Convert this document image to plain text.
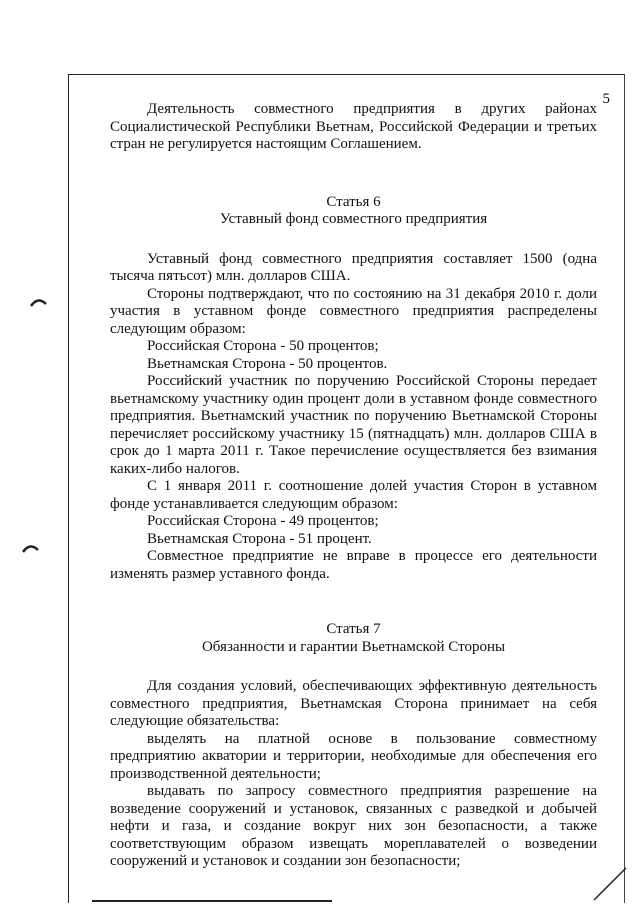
5

Деятельность совместного предприятия в других районах Социалистической Республики Вьетнам, Российской Федерации и третьих стран не регулируется настоящим Соглашением.

Статья 6

Уставный фонд совместного предприятия

Уставный фонд совместного предприятия составляет 1500 (одна тысяча пятьсот) млн. долларов США.

Стороны подтверждают, что по состоянию на 31 декабря 2010 г. доли участия в уставном фонде совместного предприятия распределены следующим образом:

Российская Сторона - 50 процентов;

Вьетнамская Сторона - 50 процентов.

Российский участник по поручению Российской Стороны передает вьетнамскому участнику один процент доли в уставном фонде совместного предприятия. Вьетнамский участник по поручению Вьетнамской Стороны перечисляет российскому участнику 15 (пятнадцать) млн. долларов США в срок до 1 марта 2011 г. Такое перечисление осуществляется без взимания каких-либо налогов.

С 1 января 2011 г. соотношение долей участия Сторон в уставном фонде устанавливается следующим образом:

Российская Сторона - 49 процентов;

Вьетнамская Сторона - 51 процент.

Совместное предприятие не вправе в процессе его деятельности изменять размер уставного фонда.

Статья 7

Обязанности и гарантии Вьетнамской Стороны

Для создания условий, обеспечивающих эффективную деятельность совместного предприятия, Вьетнамская Сторона принимает на себя следующие обязательства:

выделять на платной основе в пользование совместному предприятию акватории и территории, необходимые для обеспечения его производственной деятельности;

выдавать по запросу совместного предприятия разрешение на возведение сооружений и установок, связанных с разведкой и добычей нефти и газа, и создание вокруг них зон безопасности, а также соответствующим образом извещать мореплавателей о возведении сооружений и установок и создании зон безопасности;
